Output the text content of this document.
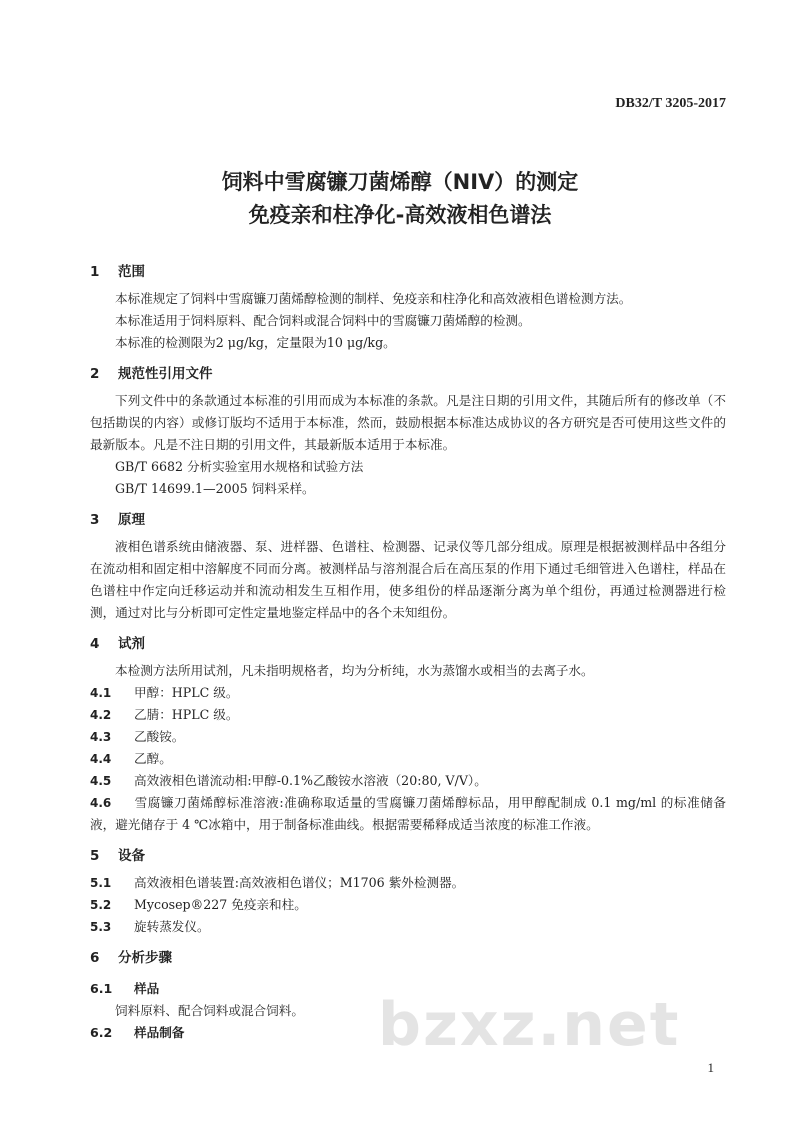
DB32/T 3205-2017
饲料中雪腐镰刀菌烯醇（NIV）的测定
免疫亲和柱净化-高效液相色谱法
1 范围

本标准规定了饲料中雪腐镰刀菌烯醇检测的制样、免疫亲和柱净化和高效液相色谱检测方法。

本标准适用于饲料原料、配合饲料或混合饲料中的雪腐镰刀菌烯醇的检测。

本标准的检测限为2 μg/kg，定量限为10 μg/kg。

2 规范性引用文件

下列文件中的条款通过本标准的引用而成为本标准的条款。凡是注日期的引用文件，其随后所有的修改单（不包括勘误的内容）或修订版均不适用于本标准，然而，鼓励根据本标准达成协议的各方研究是否可使用这些文件的最新版本。凡是不注日期的引用文件，其最新版本适用于本标准。

GB/T 6682 分析实验室用水规格和试验方法

GB/T 14699.1—2005 饲料采样。

3 原理

液相色谱系统由储液器、泵、进样器、色谱柱、检测器、记录仪等几部分组成。原理是根据被测样品中各组分在流动相和固定相中溶解度不同而分离。被测样品与溶剂混合后在高压泵的作用下通过毛细管进入色谱柱，样品在色谱柱中作定向迁移运动并和流动相发生互相作用，使多组份的样品逐渐分离为单个组份，再通过检测器进行检测，通过对比与分析即可定性定量地鉴定样品中的各个未知组份。

4 试剂

本检测方法所用试剂，凡未指明规格者，均为分析纯，水为蒸馏水或相当的去离子水。

4.1 甲醇：HPLC 级。

4.2 乙腈：HPLC 级。

4.3 乙酸铵。

4.4 乙醇。

4.5 高效液相色谱流动相:甲醇-0.1%乙酸铵水溶液（20:80, V/V）。

4.6 雪腐镰刀菌烯醇标准溶液:准确称取适量的雪腐镰刀菌烯醇标品，用甲醇配制成 0.1 mg/ml 的标准储备液，避光储存于 4 ℃冰箱中，用于制备标准曲线。根据需要稀释成适当浓度的标准工作液。

5 设备

5.1 高效液相色谱装置:高效液相色谱仪；M1706 紫外检测器。

5.2 Mycosep®227 免疫亲和柱。

5.3 旋转蒸发仪。

6 分析步骤
6.1 样品

饲料原料、配合饲料或混合饲料。

6.2 样品制备	bzxz.net
1
